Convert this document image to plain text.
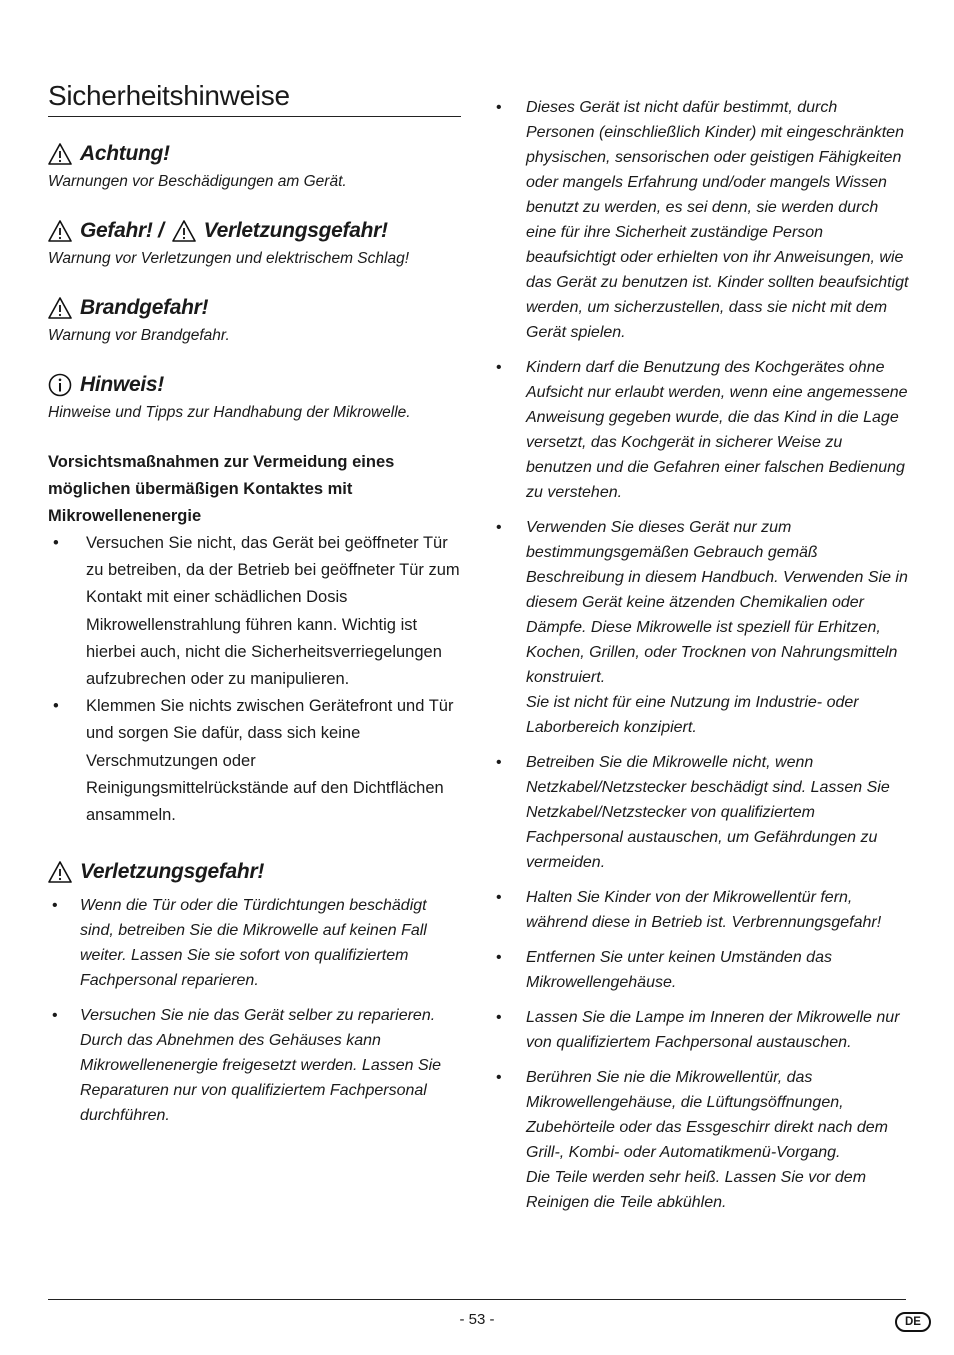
Sicherheitshinweise
Achtung!
Warnungen vor Beschädigungen am Gerät.
Gefahr! / Verletzungsgefahr!
Warnung vor Verletzungen und elektrischem Schlag!
Brandgefahr!
Warnung vor Brandgefahr.
Hinweis!
Hinweise und Tipps zur Handhabung der Mikrowelle.
Vorsichtsmaßnahmen zur Vermeidung eines möglichen übermäßigen Kontaktes mit Mikrowellenenergie
• Versuchen Sie nicht, das Gerät bei geöffneter Tür zu betreiben, da der Betrieb bei geöffneter Tür zum Kontakt mit einer schädlichen Dosis Mikrowellenstrahlung führen kann. Wichtig ist hierbei auch, nicht die Sicherheitsverriegelungen aufzubrechen oder zu manipulieren.
• Klemmen Sie nichts zwischen Gerätefront und Tür und sorgen Sie dafür, dass sich keine Verschmutzungen oder Reinigungsmittelrückstände auf den Dichtflächen ansammeln.
Verletzungsgefahr!
• Wenn die Tür oder die Türdichtungen beschädigt sind, betreiben Sie die Mikrowelle auf keinen Fall weiter. Lassen Sie sie sofort von qualifiziertem Fachpersonal reparieren.
• Versuchen Sie nie das Gerät selber zu reparieren. Durch das Abnehmen des Gehäuses kann Mikrowellenenergie freigesetzt werden. Lassen Sie Reparaturen nur von qualifiziertem Fachpersonal durchführen.
• Dieses Gerät ist nicht dafür bestimmt, durch Personen (einschließlich Kinder) mit eingeschränkten physischen, sensorischen oder geistigen Fähigkeiten oder mangels Erfahrung und/oder mangels Wissen benutzt zu werden, es sei denn, sie werden durch eine für ihre Sicherheit zuständige Person beaufsichtigt oder erhielten von ihr Anweisungen, wie das Gerät zu benutzen ist. Kinder sollten beaufsichtigt werden, um sicherzustellen, dass sie nicht mit dem Gerät spielen.
• Kindern darf die Benutzung des Kochgerätes ohne Aufsicht nur erlaubt werden, wenn eine angemessene Anweisung gegeben wurde, die das Kind in die Lage versetzt, das Kochgerät in sicherer Weise zu benutzen und die Gefahren einer falschen Bedienung zu verstehen.
• Verwenden Sie dieses Gerät nur zum bestimmungsgemäßen Gebrauch gemäß Beschreibung in diesem Handbuch. Verwenden Sie in diesem Gerät keine ätzenden Chemikalien oder Dämpfe. Diese Mikrowelle ist speziell für Erhitzen, Kochen, Grillen, oder Trocknen von Nahrungsmitteln konstruiert.
Sie ist nicht für eine Nutzung im Industrie- oder Laborbereich konzipiert.
• Betreiben Sie die Mikrowelle nicht, wenn Netzkabel/Netzstecker beschädigt sind. Lassen Sie Netzkabel/Netzstecker von qualifiziertem Fachpersonal austauschen, um Gefährdungen zu vermeiden.
• Halten Sie Kinder von der Mikrowellentür fern, während diese in Betrieb ist. Verbrennungsgefahr!
• Entfernen Sie unter keinen Umständen das Mikrowellengehäuse.
• Lassen Sie die Lampe im Inneren der Mikrowelle nur von qualifiziertem Fachpersonal austauschen.
• Berühren Sie nie die Mikrowellentür, das Mikrowellengehäuse, die Lüftungsöffnungen, Zubehörteile oder das Essgeschirr direkt nach dem Grill-, Kombi- oder Automatikmenü-Vorgang.
Die Teile werden sehr heiß. Lassen Sie vor dem Reinigen die Teile abkühlen.
- 53 -	DE
